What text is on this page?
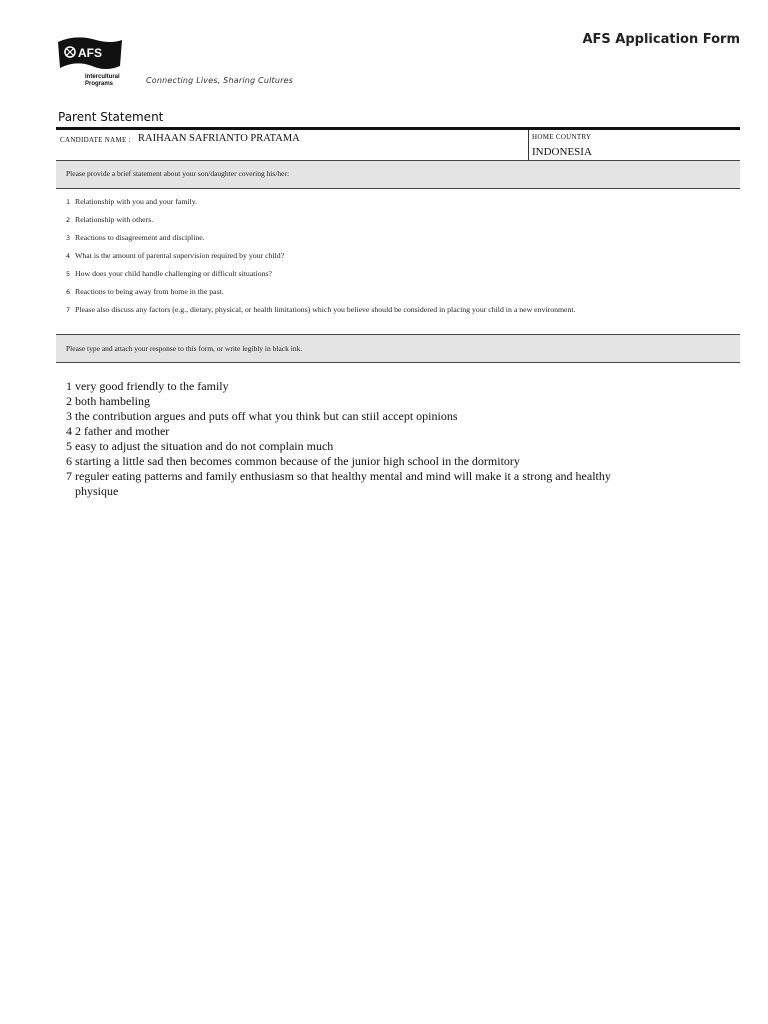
AFS
Intercultural
Programs	Connecting Lives, Sharing Cultures
AFS Application Form
Parent Statement
CANDIDATE NAME : RAIHAAN SAFRIANTO PRATAMA	HOME COUNTRY
INDONESIA
Please provide a brief statement about your son/daughter covering his/her:
1 Relationship with you and your family.
2 Relationship with others.
3 Reactions to disagreement and discipline.
4 What is the amount of parental supervision required by your child?
5 How does your child handle challenging or difficult situations?
6 Reactions to being away from home in the past.
7 Please also discuss any factors (e.g., dietary, physical, or health limitations) which you believe should be considered in placing your child in a new environment.
Please type and attach your response to this form, or write legibly in black ink.
1 very good friendly to the family
2 both hambeling
3 the contribution argues and puts off what you think but can stiil accept opinions
4 2 father and mother
5 easy to adjust the situation and do not complain much
6 starting a little sad then becomes common because of the junior high school in the dormitory
7 reguler eating patterns and family enthusiasm so that healthy mental and mind will make it a strong and healthy
physique
